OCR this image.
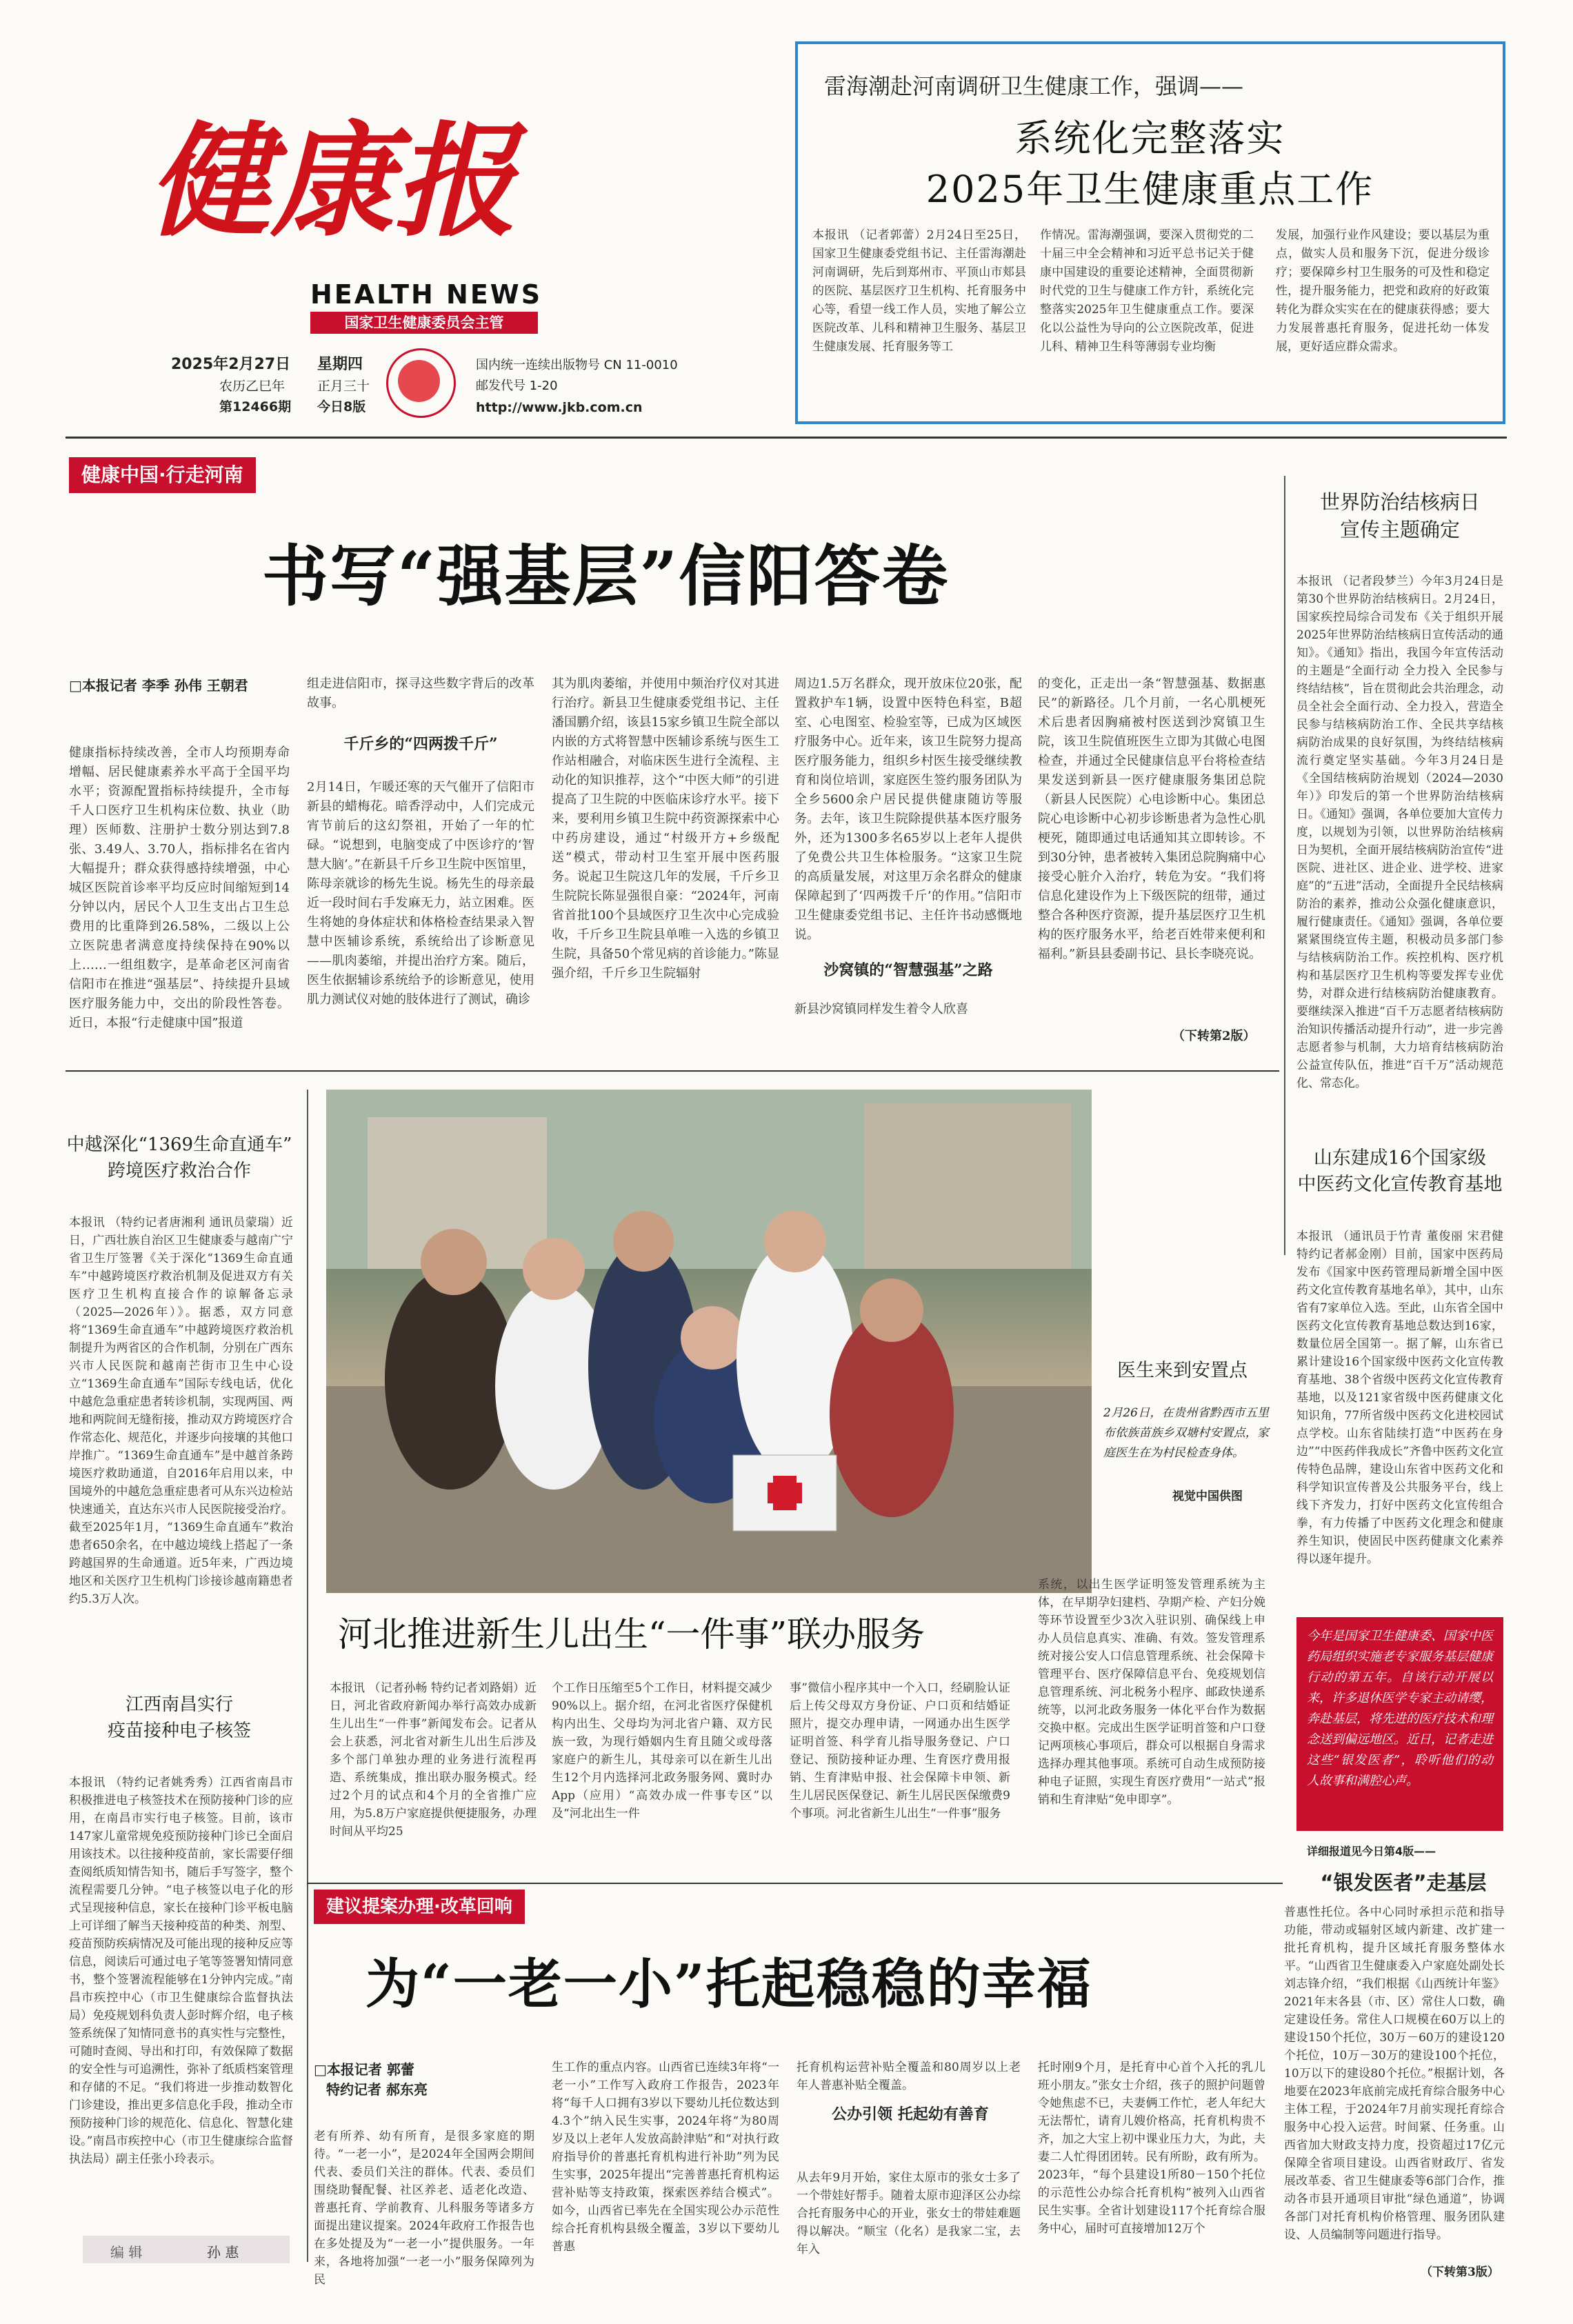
健康报
HEALTH NEWS
国家卫生健康委员会主管
2025年2月27日 星期四
农历乙巳年 正月三十
第12466期 今日8版
国内统一连续出版物号 CN 11-0010
邮发代号 1-20
http://www.jkb.com.cn
雷海潮赴河南调研卫生健康工作，强调——
系统化完整落实
2025年卫生健康重点工作
本报讯 （记者郭蕾）2月24日至25日，国家卫生健康委党组书记、主任雷海潮赴河南调研，先后到郑州市、平顶山市郏县的医院、基层医疗卫生机构、托育服务中心等，看望一线工作人员，实地了解公立医院改革、儿科和精神卫生服务、基层卫生健康发展、托育服务等工
作情况。雷海潮强调，要深入贯彻党的二十届三中全会精神和习近平总书记关于健康中国建设的重要论述精神，全面贯彻新时代党的卫生与健康工作方针，系统化完整落实2025年卫生健康重点工作。要深化以公益性为导向的公立医院改革，促进儿科、精神卫生科等薄弱专业均衡
发展，加强行业作风建设；要以基层为重点，做实人员和服务下沉，促进分级诊疗；要保障乡村卫生服务的可及性和稳定性，提升服务能力，把党和政府的好政策转化为群众实实在在的健康获得感；要大力发展普惠托育服务，促进托幼一体发展，更好适应群众需求。
健康中国·行走河南
书写“强基层”信阳答卷
□本报记者 李季 孙伟 王朝君
健康指标持续改善，全市人均预期寿命增幅、居民健康素养水平高于全国平均水平；资源配置指标持续提升，全市每千人口医疗卫生机构床位数、执业（助理）医师数、注册护士数分别达到7.8张、3.49人、3.70人，指标排名在省内大幅提升；群众获得感持续增强，中心城区医院首诊率平均反应时间缩短到14分钟以内，居民个人卫生支出占卫生总费用的比重降到26.58%，二级以上公立医院患者满意度持续保持在90%以上……一组组数字，是革命老区河南省信阳市在推进“强基层”、持续提升县域医疗服务能力中，交出的阶段性答卷。近日，本报“行走健康中国”报道
组走进信阳市，探寻这些数字背后的改革故事。
千斤乡的“四两拨千斤”
2月14日，乍暖还寒的天气催开了信阳市新县的蜡梅花。暗香浮动中，人们完成元宵节前后的这幻祭祖，开始了一年的忙碌。“说想到，电脑变成了中医诊疗的‘智慧大脑’。”在新县千斤乡卫生院中医馆里，陈母亲就诊的杨先生说。杨先生的母亲最近一段时间右手发麻无力，站立困难。医生将她的身体症状和体格检查结果录入智慧中医辅诊系统，系统给出了诊断意见——肌肉萎缩，并提出治疗方案。随后，医生依据辅诊系统给予的诊断意见，使用肌力测试仪对她的肢体进行了测试，确诊
其为肌肉萎缩，并使用中频治疗仪对其进行治疗。新县卫生健康委党组书记、主任潘国鹏介绍，该县15家乡镇卫生院全部以内嵌的方式将智慧中医辅诊系统与医生工作站相融合，对临床医生进行全流程、主动化的知识推荐，这个“中医大师”的引进提高了卫生院的中医临床诊疗水平。接下来，要利用乡镇卫生院中药资源探索中心中药房建设，通过“村级开方+乡级配送”模式，带动村卫生室开展中医药服务。说起卫生院这几年的发展，千斤乡卫生院院长陈显强很自豪：“2024年，河南省首批100个县域医疗卫生次中心完成验收，千斤乡卫生院县单唯一入选的乡镇卫生院，具备50个常见病的首诊能力。”陈显强介绍，千斤乡卫生院辐射
周边1.5万名群众，现开放床位20张，配置救护车1辆，设置中医特色科室，B超室、心电图室、检验室等，已成为区域医疗服务中心。近年来，该卫生院努力提高医疗服务能力，组织乡村医生接受继续教育和岗位培训，家庭医生签约服务团队为全乡5600余户居民提供健康随访等服务。去年，该卫生院除提供基本医疗服务外，还为1300多名65岁以上老年人提供了免费公共卫生体检服务。“这家卫生院的高质量发展，对这里万余名群众的健康保障起到了‘四两拨千斤’的作用。”信阳市卫生健康委党组书记、主任许书动感慨地说。
沙窝镇的“智慧强基”之路
新县沙窝镇同样发生着令人欣喜
的变化，正走出一条“智慧强基、数据惠民”的新路径。几个月前，一名心肌梗死术后患者因胸痛被村医送到沙窝镇卫生院，该卫生院值班医生立即为其做心电图检查，并通过全民健康信息平台将检查结果发送到新县一医疗健康服务集团总院（新县人民医院）心电诊断中心。集团总院心电诊断中心初步诊断患者为急性心肌梗死，随即通过电话通知其立即转诊。不到30分钟，患者被转入集团总院胸痛中心接受心脏介入治疗，转危为安。“我们将信息化建设作为上下级医院的纽带，通过整合各种医疗资源，提升基层医疗卫生机构的医疗服务水平，给老百姓带来便利和福利。”新县县委副书记、县长李晓亮说。
（下转第2版）
世界防治结核病日
宣传主题确定
本报讯 （记者段梦兰）今年3月24日是第30个世界防治结核病日。2月24日，国家疾控局综合司发布《关于组织开展2025年世界防治结核病日宣传活动的通知》。《通知》指出，我国今年宣传活动的主题是“全面行动 全力投入 全民参与 终结结核”，旨在贯彻此会共治理念，动员全社会全面行动、全力投入，营造全民参与结核病防治工作、全民共享结核病防治成果的良好氛围，为终结结核病流行奠定坚实基础。今年3月24日是《全国结核病防治规划（2024—2030年）》印发后的第一个世界防治结核病日。《通知》强调，各单位要加大宣传力度，以规划为引领，以世界防治结核病日为契机，全面开展结核病防治宣传“进医院、进社区、进企业、进学校、进家庭”的“五进”活动，全面提升全民结核病防治的素养，推动公众强化健康意识，履行健康责任。《通知》强调，各单位要紧紧围绕宣传主题，积极动员多部门参与结核病防治工作。疾控机构、医疗机构和基层医疗卫生机构等要发挥专业优势，对群众进行结核病防治健康教育。要继续深入推进“百千万志愿者结核病防治知识传播活动提升行动”，进一步完善志愿者参与机制，大力培育结核病防治公益宣传队伍，推进“百千万”活动规范化、常态化。
医生来到安置点
2月26日，在贵州省黔西市五里布依族苗族乡双塘村安置点，家庭医生在为村民检查身体。
视觉中国供图
中越深化“1369生命直通车”
跨境医疗救治合作
本报讯 （特约记者唐湘利 通讯员蒙瑞）近日，广西壮族自治区卫生健康委与越南广宁省卫生厅签署《关于深化“1369生命直通车”中越跨境医疗救治机制及促进双方有关医疗卫生机构直接合作的谅解备忘录（2025—2026年）》。据悉，双方同意将“1369生命直通车”中越跨境医疗救治机制提升为两省区的合作机制，分别在广西东兴市人民医院和越南芒街市卫生中心设立“1369生命直通车”国际专线电话，优化中越危急重症患者转诊机制，实现两国、两地和两院间无缝衔接，推动双方跨境医疗合作常态化、规范化，并逐步向接壤的其他口岸推广。“1369生命直通车”是中越首条跨境医疗救助通道，自2016年启用以来，中国境外的中越危急重症患者可从东兴边检站快速通关，直达东兴市人民医院接受治疗。截至2025年1月，“1369生命直通车”救治患者650余名，在中越边境线上搭起了一条跨越国界的生命通道。近5年来，广西边境地区和关医疗卫生机构门诊接诊越南籍患者约5.3万人次。
山东建成16个国家级
中医药文化宣传教育基地
本报讯 （通讯员于竹青 董俊丽 宋君健 特约记者郝金刚）目前，国家中医药局发布《国家中医药管理局新增全国中医药文化宣传教育基地名单》，其中，山东省有7家单位入选。至此，山东省全国中医药文化宣传教育基地总数达到16家，数量位居全国第一。据了解，山东省已累计建设16个国家级中医药文化宣传教育基地、38个省级中医药文化宣传教育基地，以及121家省级中医药健康文化知识角，77所省级中医药文化进校园试点学校。山东省陆续打造“中医药在身边”“中医药伴我成长”齐鲁中医药文化宣传特色品牌，建设山东省中医药文化和科学知识宣传普及公共服务平台，线上线下齐发力，打好中医药文化宣传组合拳，有力传播了中医药文化理念和健康养生知识，使固民中医药健康文化素养得以逐年提升。
河北推进新生儿出生“一件事”联办服务
本报讯 （记者孙畅 特约记者刘路娟）近日，河北省政府新闻办举行高效办成新生儿出生“一件事”新闻发布会。记者从会上获悉，河北省对新生儿出生后涉及多个部门单独办理的业务进行流程再造、系统集成，推出联办服务模式。经过2个月的试点和4个月的全省推广应用，为5.8万户家庭提供便捷服务，办理时间从平均25
个工作日压缩至5个工作日，材料提交减少90%以上。据介绍，在河北省医疗保健机构内出生、父母均为河北省户籍、双方民族一致，为现行婚姻内生育且随父或母落家庭户的新生儿，其母亲可以在新生儿出生12个月内选择河北政务服务网、冀时办App（应用）“高效办成一件事专区”以及“河北出生一件
事”微信小程序其中一个入口，经刷脸认证后上传父母双方身份证、户口页和结婚证照片，提交办理申请，一网通办出生医学证明首签、科学育儿指导服务登记、户口登记、预防接种证办理、生育医疗费用报销、生育津贴申报、社会保障卡申领、新生儿居民医保登记、新生儿居民医保缴费9个事项。河北省新生儿出生“一件事”服务
系统，以出生医学证明签发管理系统为主体，在早期孕妇建档、孕期产检、产妇分娩等环节设置至少3次入驻识别、确保线上申办人员信息真实、准确、有效。签发管理系统对接公安人口信息管理系统、社会保障卡管理平台、医疗保障信息平台、免疫规划信息管理系统、河北税务小程序、邮政快递系统等，以河北政务服务一体化平台作为数据交换中枢。完成出生医学证明首签和户口登记两项核心事项后，群众可以根据自身需求选择办理其他事项。系统可自动生成预防接种电子证照，实现生育医疗费用“一站式”报销和生育津贴“免申即享”。
今年是国家卫生健康委、国家中医药局组织实施老专家服务基层健康行动的第五年。自该行动开展以来，许多退休医学专家主动请缨，奔赴基层，将先进的医疗技术和理念送到偏远地区。近日，记者走进这些“银发医者”，聆听他们的动人故事和满腔心声。
详细报道见今日第4版——
“银发医者”走基层
江西南昌实行
疫苗接种电子核签
本报讯 （特约记者姚秀秀）江西省南昌市积极推进电子核签技术在预防接种门诊的应用，在南昌市实行电子核签。目前，该市147家儿童常规免疫预防接种门诊已全面启用该技术。以往接种疫苗前，家长需要仔细查阅纸质知情告知书，随后手写签字，整个流程需要几分钟。“电子核签以电子化的形式呈现接种信息，家长在接种门诊平板电脑上可详细了解当天接种疫苗的种类、剂型、疫苗预防疾病情况及可能出现的接种反应等信息，阅读后可通过电子笔等签署知情同意书，整个签署流程能够在1分钟内完成。”南昌市疾控中心（市卫生健康综合监督执法局）免疫规划科负责人彭时辉介绍，电子核签系统保了知情同意书的真实性与完整性，可随时查阅、导出和打印，有效保障了数据的安全性与可追溯性，弥补了纸质档案管理和存储的不足。“我们将进一步推动数智化门诊建设，推出更多信息化手段，推动全市预防接种门诊的规范化、信息化、智慧化建设。”南昌市疾控中心（市卫生健康综合监督执法局）副主任张小玲表示。
编 辑	孙 惠
建议提案办理·改革回响
为“一老一小”托起稳稳的幸福
□本报记者 郭蕾
特约记者 郝东亮
老有所养、幼有所育，是很多家庭的期待。“一老一小”，是2024年全国两会期间代表、委员们关注的群体。代表、委员们围绕助餐配餐、社区养老、适老化改造、普惠托育、学前教育、儿科服务等诸多方面提出建议提案。2024年政府工作报告也在多处提及为“一老一小”提供服务。一年来，各地将加强“一老一小”服务保障列为民
生工作的重点内容。山西省已连续3年将“一老一小”工作写入政府工作报告，2023年将“每千人口拥有3岁以下婴幼儿托位数达到4.3个”纳入民生实事，2024年将“为80周岁及以上老年人发放高龄津贴”和“对执行政府指导价的普惠托育机构进行补助”列为民生实事，2025年提出“完善普惠托育机构运营补贴等支持政策，探索医养结合模式”。如今，山西省已率先在全国实现公办示范性综合托育机构县级全覆盖，3岁以下要幼儿普惠
托育机构运营补贴全覆盖和80周岁以上老年人普惠补贴全覆盖。
公办引领 托起幼有善育
从去年9月开始，家住太原市的张女士多了一个带娃好帮手。随着太原市迎泽区公办综合托育服务中心的开业，张女士的带娃难题得以解决。“顺宝（化名）是我家二宝，去年入
托时刚9个月，是托育中心首个入托的乳儿班小朋友。”张女士介绍，孩子的照护问题曾令她焦虑不已，夫妻俩工作忙，老人年纪大无法帮忙，请育儿嫂价格高，托育机构贵不齐，加之大宝上初中课业压力大，为此，夫妻二人忙得团团转。民有所盼，政有所为。2023年，“每个县建设1所80－150个托位的示范性公办综合托育机构”被列入山西省民生实事。全省计划建设117个托育综合服务中心，届时可直接增加12万个
普惠性托位。各中心同时承担示范和指导功能，带动或辐射区域内新建、改扩建一批托育机构，提升区域托育服务整体水平。“山西省卫生健康委入户家庭处副处长刘志锋介绍，“我们根据《山西统计年鉴》2021年末各县（市、区）常住人口数，确定建设任务。常住人口规模在60万以上的建设150个托位，30万－60万的建设120个托位，10万－30万的建设100个托位，10万以下的建设80个托位。”根据计划，各地要在2023年底前完成托育综合服务中心主体工程，于2024年7月前实现托育综合服务中心投入运营。时间紧、任务重。山西省加大财政支持力度，投资超过17亿元保障全省项目建设。山西省财政厅、省发展改革委、省卫生健康委等6部门合作，推动各市县开通项目审批“绿色通道”，协调各部门对托育机构价格管理、服务团队建设、人员编制等问题进行指导。
（下转第3版）
